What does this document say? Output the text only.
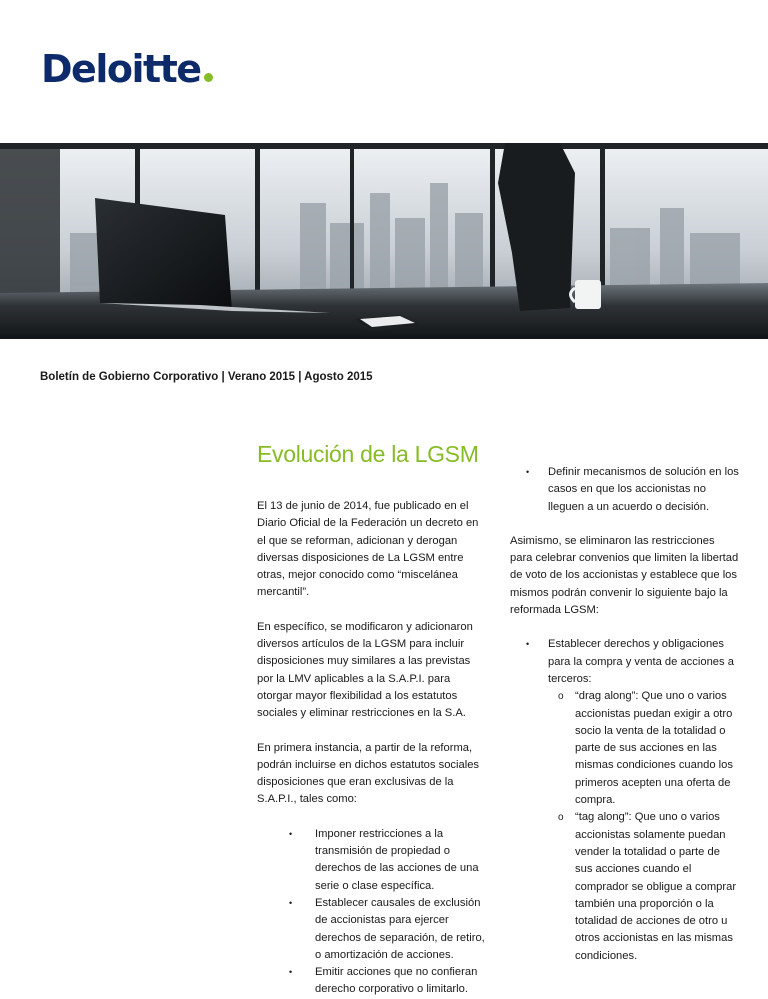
Deloitte
Boletín de Gobierno Corporativo | Verano 2015 | Agosto 2015
Evolución de la LGSM

El 13 de junio de 2014, fue publicado en el Diario Oficial de la Federación un decreto en el que se reforman, adicionan y derogan diversas disposiciones de La LGSM entre otras, mejor conocido como “miscelánea mercantil”.

En específico, se modificaron y adicionaron diversos artículos de la LGSM para incluir disposiciones muy similares a las previstas por la LMV aplicables a la S.A.P.I. para otorgar mayor flexibilidad a los estatutos sociales y eliminar restricciones en la S.A.

En primera instancia, a partir de la reforma, podrán incluirse en dichos estatutos sociales disposiciones que eran exclusivas de la S.A.P.I., tales como:

• Imponer restricciones a la transmisión de propiedad o derechos de las acciones de una serie o clase específica.
• Establecer causales de exclusión de accionistas para ejercer derechos de separación, de retiro, o amortización de acciones.
• Emitir acciones que no confieran derecho corporativo o limitarlo.
• Definir mecanismos de solución en los casos en que los accionistas no lleguen a un acuerdo o decisión.

Asimismo, se eliminaron las restricciones para celebrar convenios que limiten la libertad de voto de los accionistas y establece que los mismos podrán convenir lo siguiente bajo la reformada LGSM:

• Establecer derechos y obligaciones para la compra y venta de acciones a terceros:
o “drag along”: Que uno o varios accionistas puedan exigir a otro socio la venta de la totalidad o parte de sus acciones en las mismas condiciones cuando los primeros acepten una oferta de compra.
o “tag along”: Que uno o varios accionistas solamente puedan vender la totalidad o parte de sus acciones cuando el comprador se obligue a comprar también una proporción o la totalidad de acciones de otro u otros accionistas en las mismas condiciones.
